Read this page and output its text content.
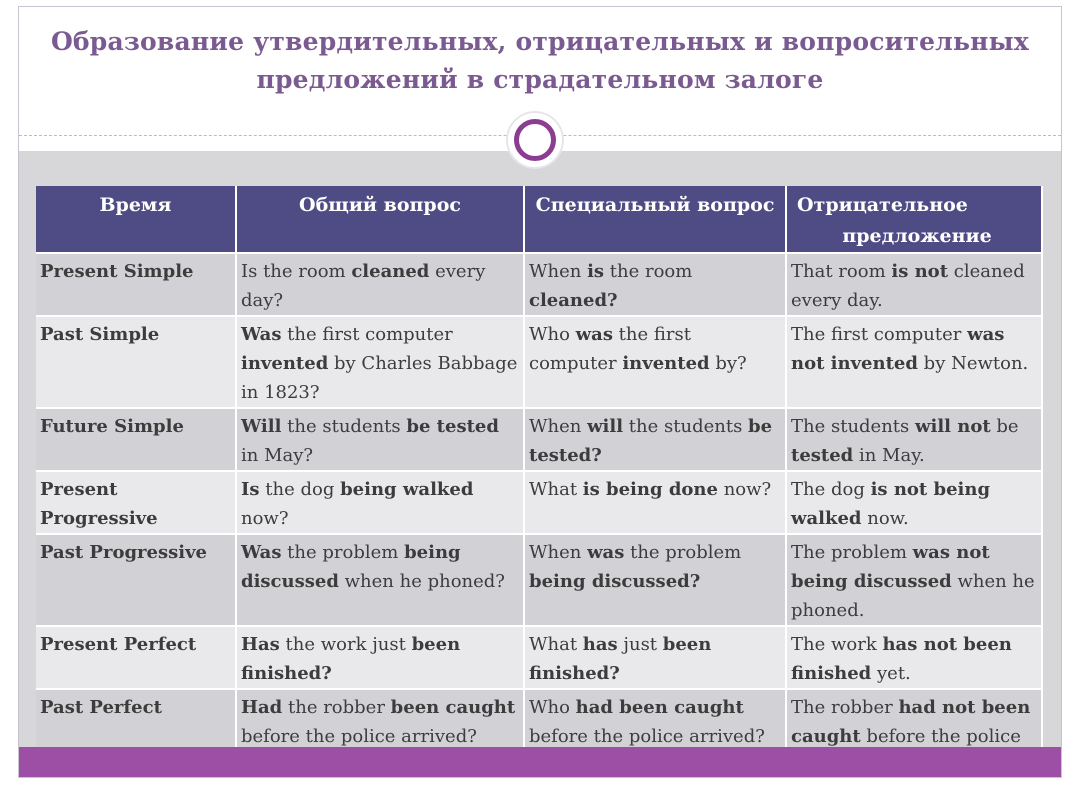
Образование утвердительных, отрицательных и вопросительных
предложений в страдательном залоге
Время	Общий вопрос	Специальный вопрос	Отрицательное
предложение

Present Simple	Is the room cleaned every day?	When is the room cleaned?	That room is not cleaned every day.
Past Simple	Was the first computer invented by Charles Babbage in 1823?	Who was the first computer invented by?	The first computer was not invented by Newton.
Future Simple	Will the students be tested in May?	When will the students be tested?	The students will not be tested in May.
Present Progressive	Is the dog being walked now?	What is being done now?	The dog is not being walked now.
Past Progressive	Was the problem being discussed when he phoned?	When was the problem being discussed?	The problem was not being discussed when he phoned.
Present Perfect	Has the work just been finished?	What has just been finished?	The work has not been finished yet.
Past Perfect	Had the robber been caught before the police arrived?	Who had been caught before the police arrived?	The robber had not been caught before the police
